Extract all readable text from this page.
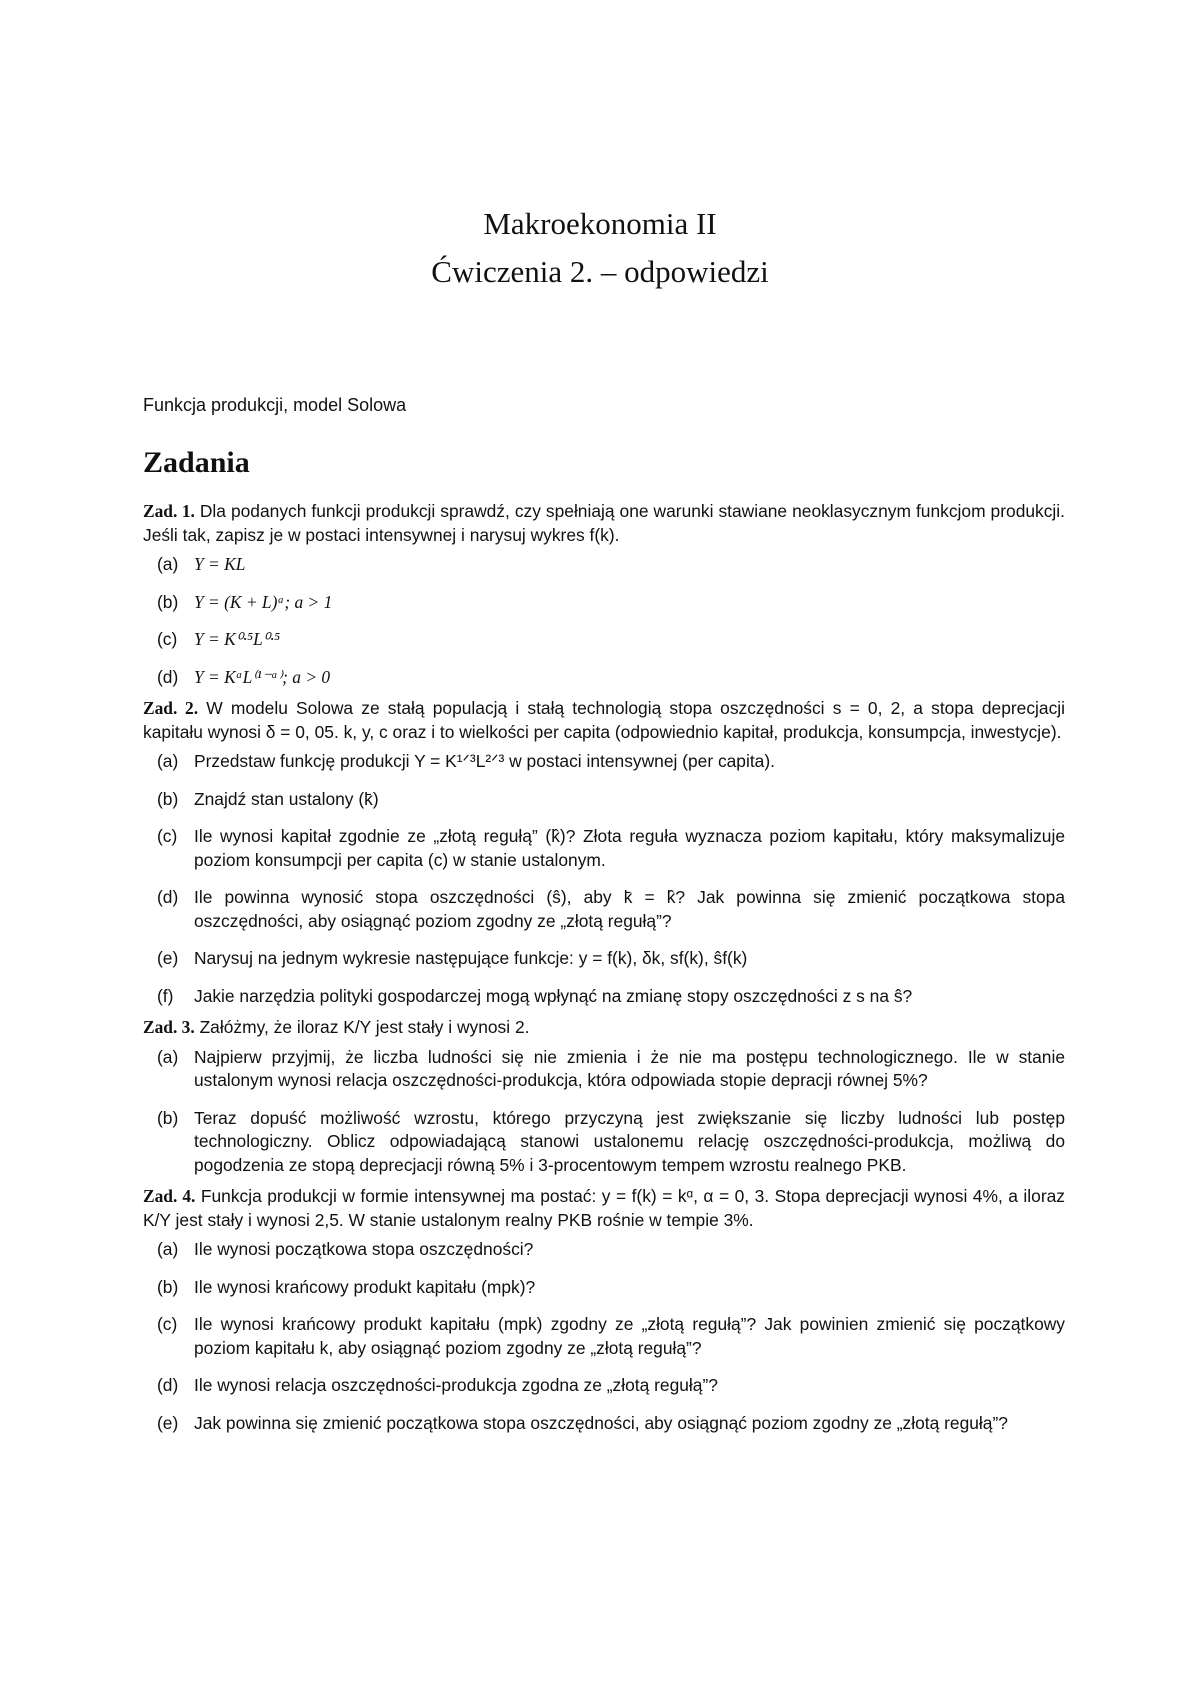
Makroekonomia II
Ćwiczenia 2. – odpowiedzi
Funkcja produkcji, model Solowa
Zadania

Zad. 1. Dla podanych funkcji produkcji sprawdź, czy spełniają one warunki stawiane neoklasycznym funkcjom produkcji. Jeśli tak, zapisz je w postaci intensywnej i narysuj wykres f(k).

(a) Y = KL
(b) Y = (K + L)ᵃ; a > 1
(c) Y = K⁰·⁵L⁰·⁵
(d) Y = KᵃL⁽¹⁻ᵃ⁾; a > 0

Zad. 2. W modelu Solowa ze stałą populacją i stałą technologią stopa oszczędności s = 0, 2, a stopa deprecjacji kapitału wynosi δ = 0, 05. k, y, c oraz i to wielkości per capita (odpowiednio kapitał, produkcja, konsumpcja, inwestycje).

(a) Przedstaw funkcję produkcji Y = K¹ᐟ³L²ᐟ³ w postaci intensywnej (per capita).
(b) Znajdź stan ustalony (k̄)
(c) Ile wynosi kapitał zgodnie ze „złotą regułą” (k̂)? Złota reguła wyznacza poziom kapitału, który maksymalizuje poziom konsumpcji per capita (c) w stanie ustalonym.
(d) Ile powinna wynosić stopa oszczędności (ŝ), aby k̄ = k̂? Jak powinna się zmienić początkowa stopa oszczędności, aby osiągnąć poziom zgodny ze „złotą regułą”?
(e) Narysuj na jednym wykresie następujące funkcje: y = f(k), δk, sf(k), ŝf(k)
(f)	Jakie narzędzia polityki gospodarczej mogą wpłynąć na zmianę stopy oszczędności z s na ŝ?

Zad. 3. Załóżmy, że iloraz K/Y jest stały i wynosi 2.

(a) Najpierw przyjmij, że liczba ludności się nie zmienia i że nie ma postępu technologicznego. Ile w stanie ustalonym wynosi relacja oszczędności-produkcja, która odpowiada stopie depracji równej 5%?
(b) Teraz dopuść możliwość wzrostu, którego przyczyną jest zwiększanie się liczby ludności lub postęp technologiczny. Oblicz odpowiadającą stanowi ustalonemu relację oszczędności-produkcja, możliwą do pogodzenia ze stopą deprecjacji równą 5% i 3-procentowym tempem wzrostu realnego PKB.

Zad. 4. Funkcja produkcji w formie intensywnej ma postać: y = f(k) = kᵅ, α = 0, 3. Stopa deprecjacji wynosi 4%, a iloraz K/Y jest stały i wynosi 2,5. W stanie ustalonym realny PKB rośnie w tempie 3%.

(a) Ile wynosi początkowa stopa oszczędności?
(b) Ile wynosi krańcowy produkt kapitału (mpk)?
(c) Ile wynosi krańcowy produkt kapitału (mpk) zgodny ze „złotą regułą”? Jak powinien zmienić się początkowy poziom kapitału k, aby osiągnąć poziom zgodny ze „złotą regułą”?
(d) Ile wynosi relacja oszczędności-produkcja zgodna ze „złotą regułą”?
(e) Jak powinna się zmienić początkowa stopa oszczędności, aby osiągnąć poziom zgodny ze „złotą regułą”?
